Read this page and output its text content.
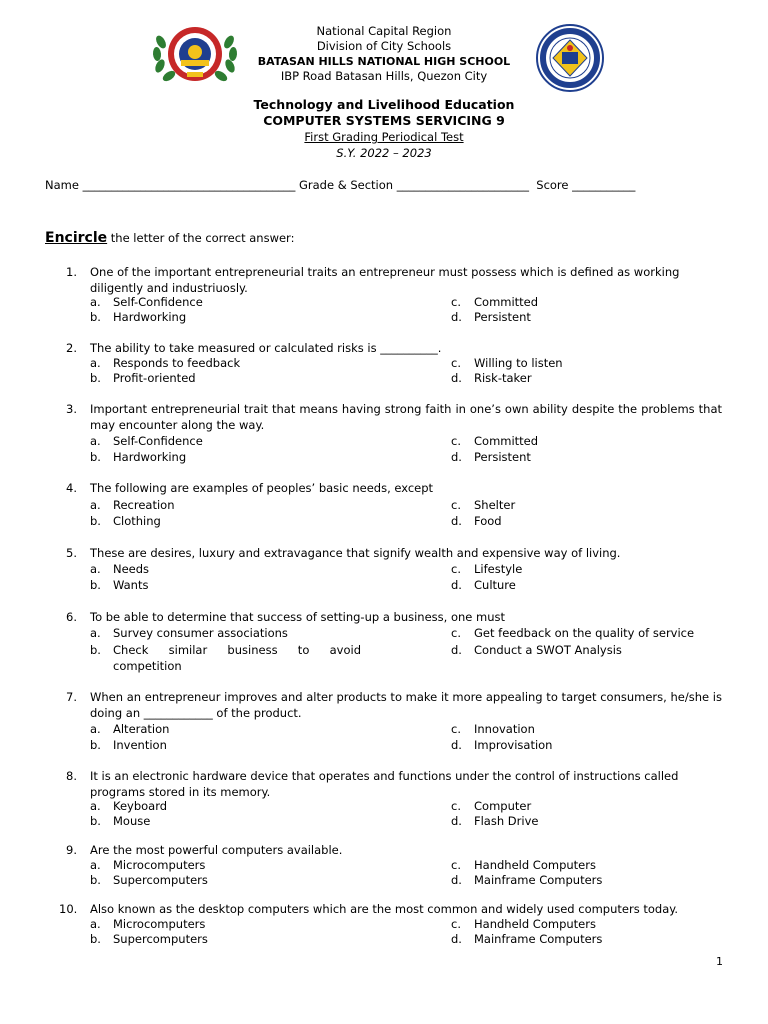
National Capital Region
Division of City Schools
BATASAN HILLS NATIONAL HIGH SCHOOL
IBP Road Batasan Hills, Quezon City
Technology and Livelihood Education
COMPUTER SYSTEMS SERVICING 9
First Grading Periodical Test
S.Y. 2022 – 2023
Name _____________________________________ Grade & Section _______________________  Score ___________
Encircle the letter of the correct answer:
1. One of the important entrepreneurial traits an entrepreneur must possess which is defined as working diligently and industriuosly.
a. Self-Confidence
b. Hardworking
c. Committed
d. Persistent
2. The ability to take measured or calculated risks is __________.
a. Responds to feedback
b. Profit-oriented
c. Willing to listen
d. Risk-taker
3. Important entrepreneurial trait that means having strong faith in one’s own ability despite the problems that may encounter along the way.
a. Self-Confidence
b. Hardworking
c. Committed
d. Persistent
4. The following are examples of peoples’ basic needs, except
a. Recreation
b. Clothing
c. Shelter
d. Food
5. These are desires, luxury and extravagance that signify wealth and expensive way of living.
a. Needs
b. Wants
c. Lifestyle
d. Culture
6. To be able to determine that success of setting-up a business, one must
a. Survey consumer associations
b. Check similar business to avoid competition
c. Get feedback on the quality of service
d. Conduct a SWOT Analysis
7. When an entrepreneur improves and alter products to make it more appealing to target consumers, he/she is doing an ____________ of the product.
a. Alteration
b. Invention
c. Innovation
d. Improvisation
8. It is an electronic hardware device that operates and functions under the control of instructions called programs stored in its memory.
a. Keyboard
b. Mouse
c. Computer
d. Flash Drive
9. Are the most powerful computers available.
a. Microcomputers
b. Supercomputers
c. Handheld Computers
d. Mainframe Computers
10. Also known as the desktop computers which are the most common and widely used computers today.
a. Microcomputers
b. Supercomputers
c. Handheld Computers
d. Mainframe Computers
1
